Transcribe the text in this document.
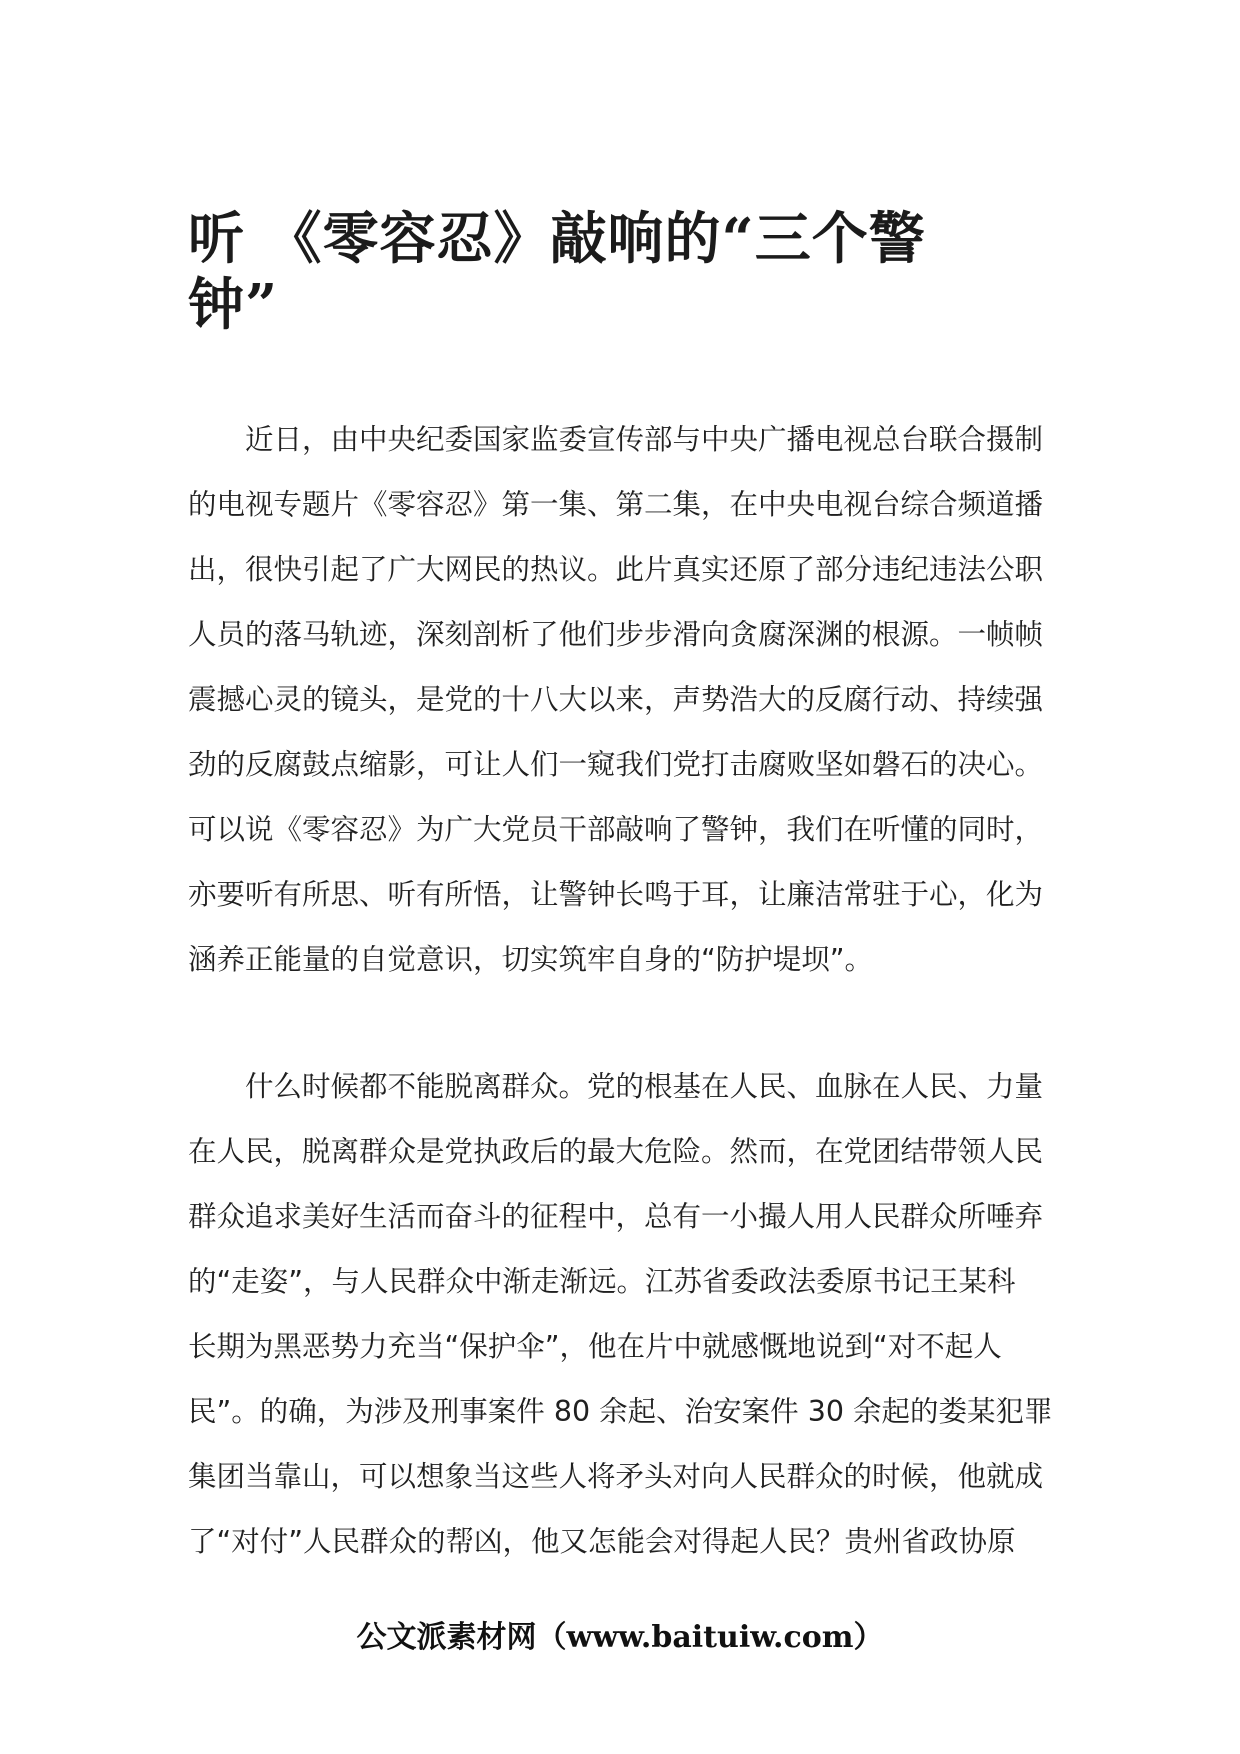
听 《零容忍》敲响的“三个警
钟”
近日，由中央纪委国家监委宣传部与中央广播电视总台联合摄制
的电视专题片《零容忍》第一集、第二集，在中央电视台综合频道播
出，很快引起了广大网民的热议。此片真实还原了部分违纪违法公职
人员的落马轨迹，深刻剖析了他们步步滑向贪腐深渊的根源。一帧帧
震撼心灵的镜头，是党的十八大以来，声势浩大的反腐行动、持续强
劲的反腐鼓点缩影，可让人们一窥我们党打击腐败坚如磐石的决心。
可以说《零容忍》为广大党员干部敲响了警钟，我们在听懂的同时，
亦要听有所思、听有所悟，让警钟长鸣于耳，让廉洁常驻于心，化为
涵养正能量的自觉意识，切实筑牢自身的“防护堤坝”。
什么时候都不能脱离群众。党的根基在人民、血脉在人民、力量
在人民，脱离群众是党执政后的最大危险。然而，在党团结带领人民
群众追求美好生活而奋斗的征程中，总有一小撮人用人民群众所唾弃
的“走姿”，与人民群众中渐走渐远。江苏省委政法委原书记王某科
长期为黑恶势力充当“保护伞”，他在片中就感慨地说到“对不起人
民”。的确，为涉及刑事案件 80 余起、治安案件 30 余起的娄某犯罪
集团当靠山，可以想象当这些人将矛头对向人民群众的时候，他就成
了“对付”人民群众的帮凶，他又怎能会对得起人民？贵州省政协原
公文派素材网（www.baituiw.com）
